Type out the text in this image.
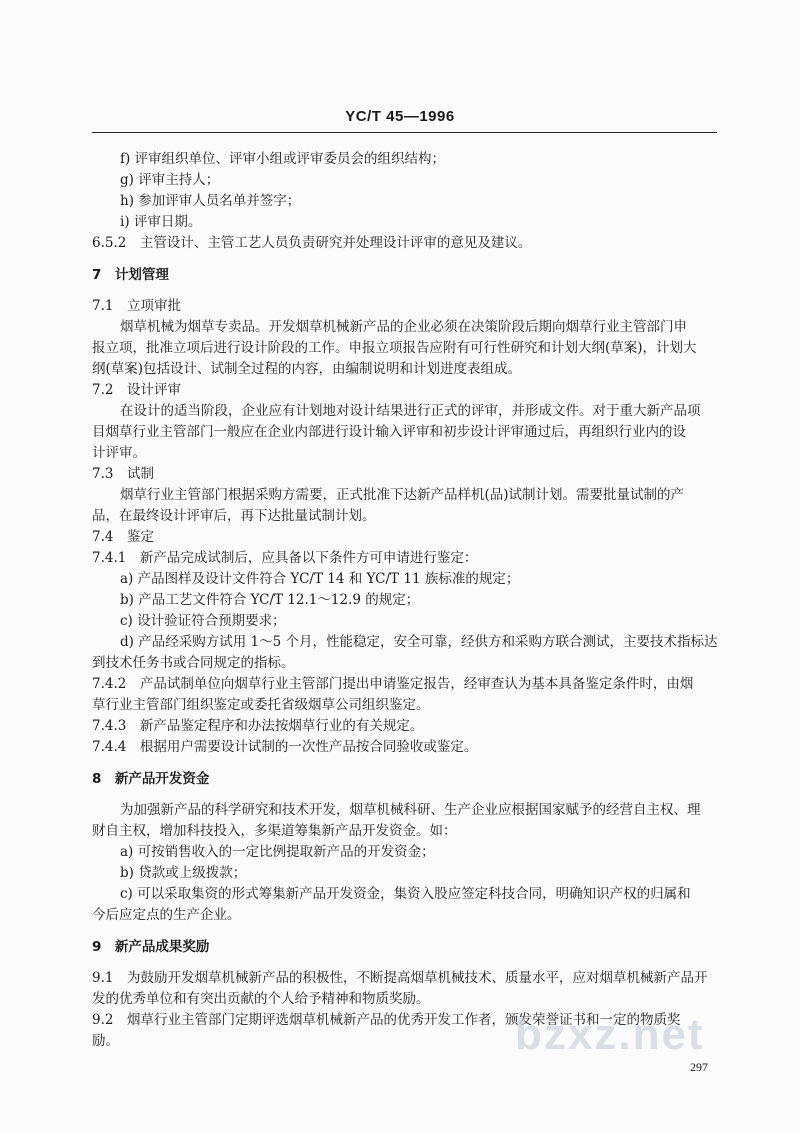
YC/T 45—1996
f) 评审组织单位、评审小组或评审委员会的组织结构；
g) 评审主持人；
h) 参加评审人员名单并签字；
i) 评审日期。
6.5.2　主管设计、主管工艺人员负责研究并处理设计评审的意见及建议。
7　计划管理
7.1　立项审批
烟草机械为烟草专卖品。开发烟草机械新产品的企业必须在决策阶段后期向烟草行业主管部门申
报立项，批准立项后进行设计阶段的工作。申报立项报告应附有可行性研究和计划大纲(草案)，计划大
纲(草案)包括设计、试制全过程的内容，由编制说明和计划进度表组成。
7.2　设计评审
在设计的适当阶段，企业应有计划地对设计结果进行正式的评审，并形成文件。对于重大新产品项
目烟草行业主管部门一般应在企业内部进行设计输入评审和初步设计评审通过后，再组织行业内的设
计评审。
7.3　试制
烟草行业主管部门根据采购方需要，正式批准下达新产品样机(品)试制计划。需要批量试制的产
品，在最终设计评审后，再下达批量试制计划。
7.4　鉴定
7.4.1　新产品完成试制后，应具备以下条件方可申请进行鉴定：
a) 产品图样及设计文件符合 YC/T 14 和 YC/T 11 族标准的规定；
b) 产品工艺文件符合 YC/T 12.1～12.9 的规定；
c) 设计验证符合预期要求；
d) 产品经采购方试用 1～5 个月，性能稳定，安全可靠，经供方和采购方联合测试，主要技术指标达
到技术任务书或合同规定的指标。
7.4.2　产品试制单位向烟草行业主管部门提出申请鉴定报告，经审查认为基本具备鉴定条件时，由烟
草行业主管部门组织鉴定或委托省级烟草公司组织鉴定。
7.4.3　新产品鉴定程序和办法按烟草行业的有关规定。
7.4.4　根据用户需要设计试制的一次性产品按合同验收或鉴定。
8　新产品开发资金
为加强新产品的科学研究和技术开发，烟草机械科研、生产企业应根据国家赋予的经营自主权、理
财自主权，增加科技投入，多渠道筹集新产品开发资金。如：
a) 可按销售收入的一定比例提取新产品的开发资金；
b) 贷款或上级拨款；
c) 可以采取集资的形式筹集新产品开发资金，集资入股应签定科技合同，明确知识产权的归属和
今后应定点的生产企业。
9　新产品成果奖励
9.1　为鼓励开发烟草机械新产品的积极性，不断提高烟草机械技术、质量水平，应对烟草机械新产品开
发的优秀单位和有突出贡献的个人给予精神和物质奖励。
9.2　烟草行业主管部门定期评选烟草机械新产品的优秀开发工作者，颁发荣誉证书和一定的物质奖
励。	bzxz.net
297
